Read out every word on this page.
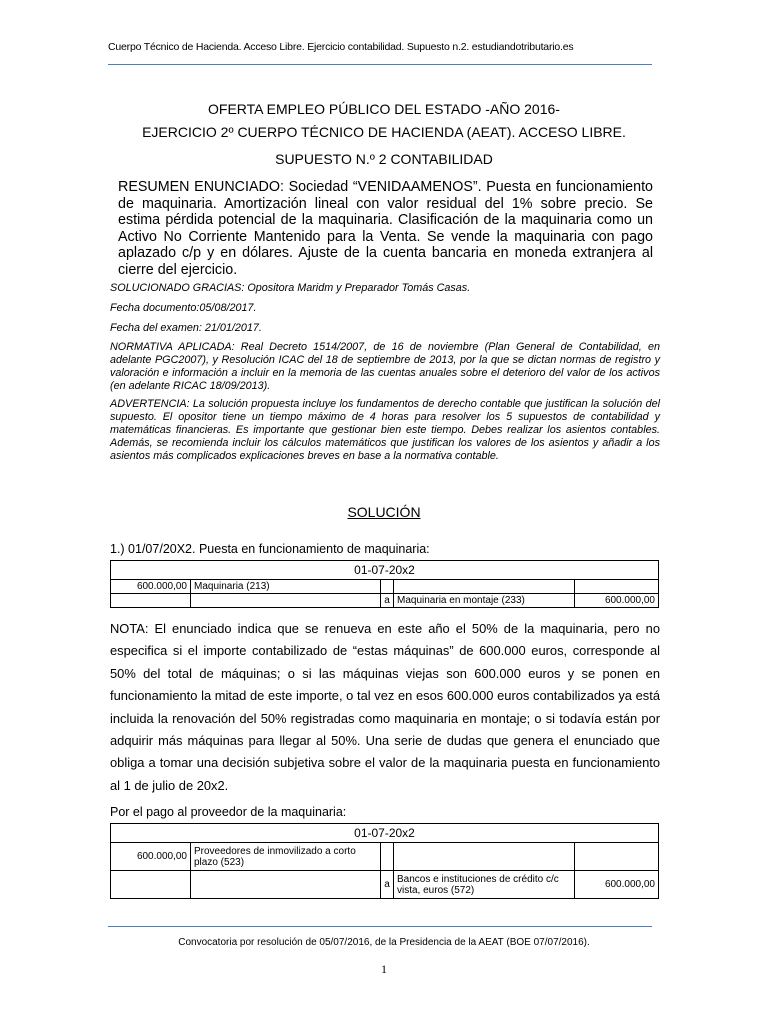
Cuerpo Técnico de Hacienda. Acceso Libre. Ejercicio contabilidad. Supuesto n.2. estudiandotributario.es
OFERTA EMPLEO PÚBLICO DEL ESTADO -AÑO 2016-
EJERCICIO 2º CUERPO TÉCNICO DE HACIENDA (AEAT). ACCESO LIBRE.
SUPUESTO N.º 2 CONTABILIDAD
RESUMEN ENUNCIADO: Sociedad “VENIDAAMENOS”. Puesta en funcionamiento de maquinaria. Amortización lineal con valor residual del 1% sobre precio. Se estima pérdida potencial de la maquinaria. Clasificación de la maquinaria como un Activo No Corriente Mantenido para la Venta. Se vende la maquinaria con pago aplazado c/p y en dólares. Ajuste de la cuenta bancaria en moneda extranjera al cierre del ejercicio.
SOLUCIONADO GRACIAS: Opositora Maridm y Preparador Tomás Casas.
Fecha documento:05/08/2017.
Fecha del examen: 21/01/2017.
NORMATIVA APLICADA: Real Decreto 1514/2007, de 16 de noviembre (Plan General de Contabilidad, en adelante PGC2007), y Resolución ICAC del 18 de septiembre de 2013, por la que se dictan normas de registro y valoración e información a incluir en la memoria de las cuentas anuales sobre el deterioro del valor de los activos (en adelante RICAC 18/09/2013).
ADVERTENCIA: La solución propuesta incluye los fundamentos de derecho contable que justifican la solución del supuesto. El opositor tiene un tiempo máximo de 4 horas para resolver los 5 supuestos de contabilidad y matemáticas financieras. Es importante que gestionar bien este tiempo. Debes realizar los asientos contables. Además, se recomienda incluir los cálculos matemáticos que justifican los valores de los asientos y añadir a los asientos más complicados explicaciones breves en base a la normativa contable.
SOLUCIÓN
1.) 01/07/20X2. Puesta en funcionamiento de maquinaria:
01-07-20x2				
600.000,00	Maquinaria (213)			
		a	Maquinaria en montaje (233)	600.000,00
NOTA: El enunciado indica que se renueva en este año el 50% de la maquinaria, pero no especifica si el importe contabilizado de “estas máquinas” de 600.000 euros, corresponde al 50% del total de máquinas; o si las máquinas viejas son 600.000 euros y se ponen en funcionamiento la mitad de este importe, o tal vez en esos 600.000 euros contabilizados ya está incluida la renovación del 50% registradas como maquinaria en montaje; o si todavía están por adquirir más máquinas para llegar al 50%. Una serie de dudas que genera el enunciado que obliga a tomar una decisión subjetiva sobre el valor de la maquinaria puesta en funcionamiento al 1 de julio de 20x2.
Por el pago al proveedor de la maquinaria:
01-07-20x2				
600.000,00	Proveedores de inmovilizado a corto plazo (523)			
		a	Bancos e instituciones de crédito c/c vista, euros (572)	600.000,00
Convocatoria por resolución de 05/07/2016, de la Presidencia de la AEAT (BOE 07/07/2016).
1
